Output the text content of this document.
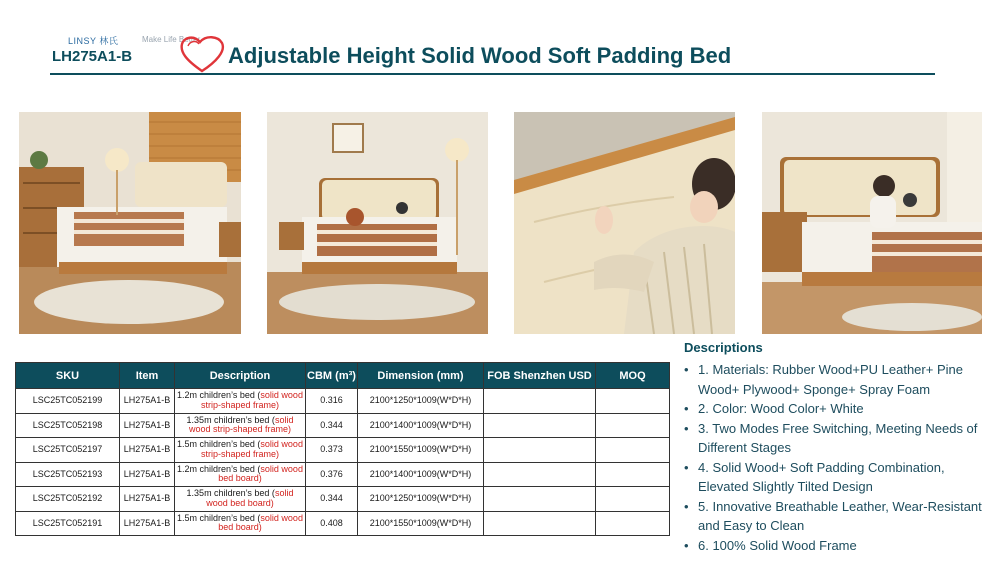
LINSY 林氏	Make Life Better
LH275A1-B	Adjustable Height Solid Wood Soft Padding Bed
SKU	Item	Description	CBM (m³)	Dimension (mm)	FOB Shenzhen USD	MOQ
LSC25TC052199	LH275A1-B	1.2m children’s bed (solid wood strip-shaped frame)	0.316	2100*1250*1009(W*D*H)		
LSC25TC052198	LH275A1-B	1.35m children’s bed (solid wood strip-shaped frame)	0.344	2100*1400*1009(W*D*H)		
LSC25TC052197	LH275A1-B	1.5m children’s bed (solid wood strip-shaped frame)	0.373	2100*1550*1009(W*D*H)		
LSC25TC052193	LH275A1-B	1.2m children’s bed (solid wood bed board)	0.376	2100*1400*1009(W*D*H)		
LSC25TC052192	LH275A1-B	1.35m children’s bed (solid wood bed board)	0.344	2100*1250*1009(W*D*H)		
LSC25TC052191	LH275A1-B	1.5m children’s bed (solid wood bed board)	0.408	2100*1550*1009(W*D*H)		
Descriptions
• 1. Materials: Rubber Wood+PU Leather+ Pine Wood+ Plywood+ Sponge+ Spray Foam
• 2. Color: Wood Color+ White
• 3. Two Modes Free Switching, Meeting Needs of Different Stages
• 4. Solid Wood+ Soft Padding Combination, Elevated Slightly Tilted Design
• 5. Innovative Breathable Leather, Wear-Resistant and Easy to Clean
• 6. 100% Solid Wood Frame
